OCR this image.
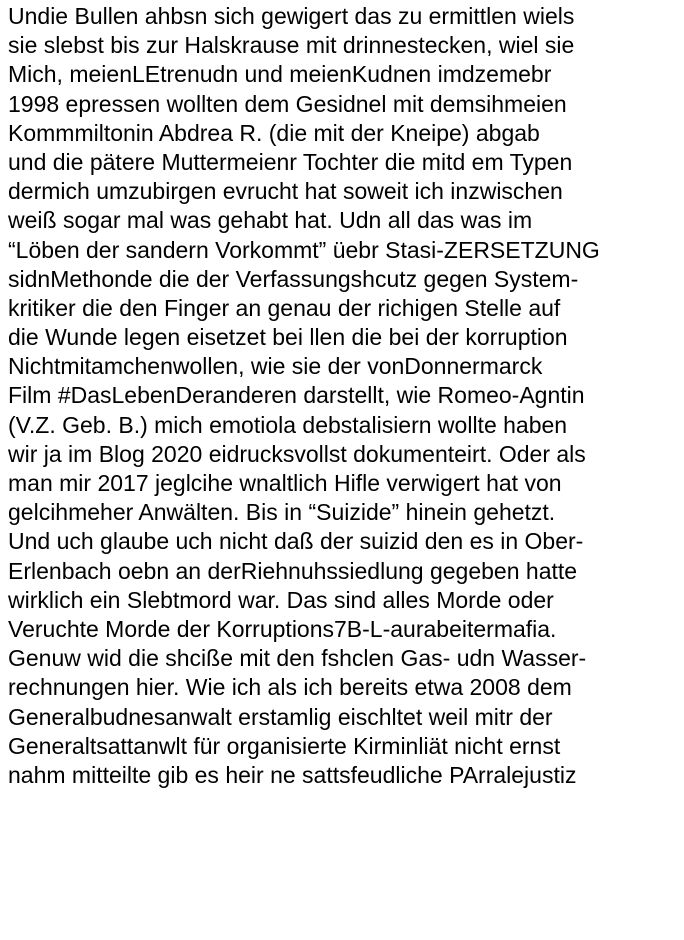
Undie Bullen ahbsn sich gewigert das zu ermittlen wiels
sie slebst bis zur Halskrause mit drinnestecken, wiel sie
Mich, meienLEtrenudn und meienKudnen imdzemebr
1998 epressen wollten dem Gesidnel mit demsihmeien
Kommmiltonin Abdrea R. (die mit der Kneipe) abgab
und die pätere Muttermeienr Tochter die mitd em Typen
dermich umzubirgen evrucht hat soweit ich inzwischen
weiß sogar mal was gehabt hat. Udn all das was im
“Löben der sandern Vorkommt” üebr Stasi-ZERSETZUNG
sidnMethonde die der Verfassungshcutz gegen System-
kritiker die den Finger an genau der richigen Stelle auf
die Wunde legen eisetzet bei llen die bei der korruption
Nichtmitamchenwollen, wie sie der vonDonnermarck
Film #DasLebenDeranderen darstellt, wie Romeo-Agntin
(V.Z. Geb. B.) mich emotiola debstalisiern wollte haben
wir ja im Blog 2020 eidrucksvollst dokumenteirt. Oder als
man mir 2017 jeglcihe wnaltlich Hifle verwigert hat von
gelcihmeher Anwälten. Bis in “Suizide” hinein gehetzt.
Und uch glaube uch nicht daß der suizid den es in Ober-
Erlenbach oebn an derRiehnuhssiedlung gegeben hatte
wirklich ein Slebtmord war. Das sind alles Morde oder
Veruchte Morde der Korruptions7B-L-aurabeitermafia.
Genuw wid die shciße mit den fshclen Gas- udn Wasser-
rechnungen hier. Wie ich als ich bereits etwa 2008 dem
Generalbudnesanwalt erstamlig eischltet weil mitr der
Generaltsattanwlt für organisierte Kirminliät nicht ernst
nahm mitteilte gib es heir ne sattsfeudliche PArralejustiz
